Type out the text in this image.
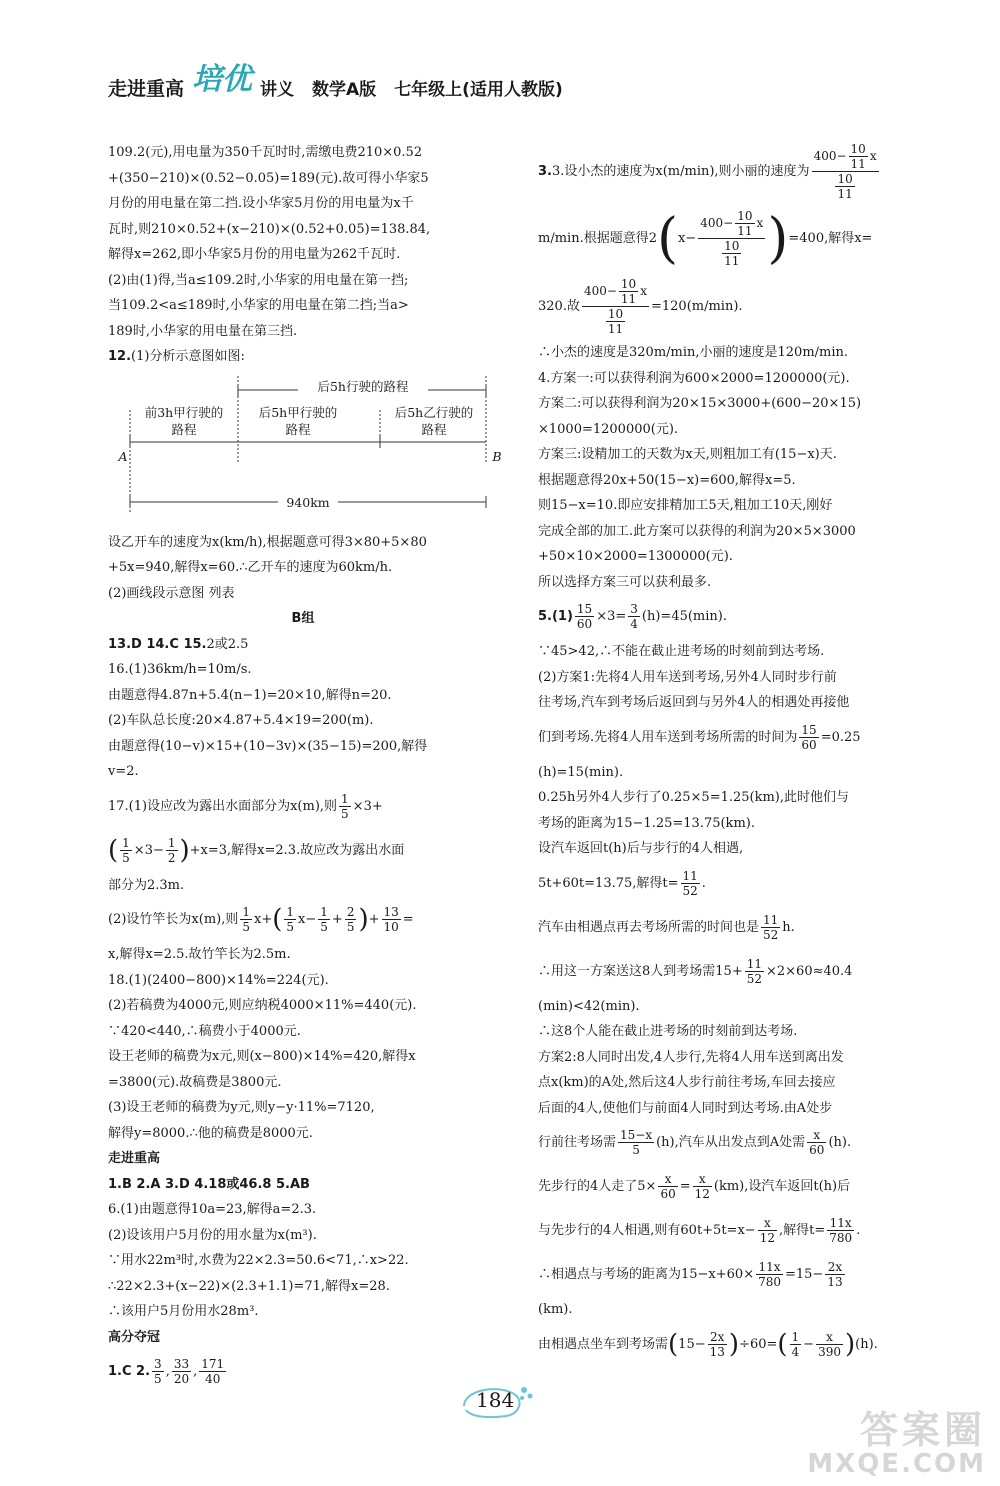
走进重高 培优 讲义 数学A版 七年级上(适用人教版)
109.2(元),用电量为350千瓦时时,需缴电费210×0.52
+(350−210)×(0.52−0.05)=189(元).故可得小华家5
月份的用电量在第二挡.设小华家5月份的用电量为x千
瓦时,则210×0.52+(x−210)×(0.52+0.05)=138.84,
解得x=262,即小华家5月份的用电量为262千瓦时.
(2)由(1)得,当a≤109.2时,小华家的用电量在第一挡;
当109.2<a≤189时,小华家的用电量在第二挡;当a>
189时,小华家的用电量在第三挡.
12.(1)分析示意图如图:
后5h行驶的路程
前3h甲行驶的路程
后5h甲行驶的路程
后5h乙行驶的路程
A	B
940km
设乙开车的速度为x(km/h),根据题意可得3×80+5×80
+5x=940,解得x=60.∴乙开车的速度为60km/h.
(2)画线段示意图 列表
B组
13.D 14.C 15.2或2.5
16.(1)36km/h=10m/s.
由题意得4.87n+5.4(n−1)=20×10,解得n=20.
(2)车队总长度:20×4.87+5.4×19=200(m).
由题意得(10−v)×15+(10−3v)×(35−15)=200,解得
v=2.
17.(1)设应改为露出水面部分为x(m),则 $\frac{1}{5} \times 3+$
( $\frac{1}{5} \times 3- \frac{1}{2} )+x=3$,解得x=2.3.故应改为露出水面
部分为2.3m.
(2)设竹竿长为x(m),则 $\frac{1}{5} x+( \frac{1}{5} x- \frac{1}{5} + \frac{2}{5}$ )+ $\frac{13}{10}$ =
x,解得x=2.5.故竹竿长为2.5m.
18.(1)(2400−800)×14%=224(元).
(2)若稿费为4000元,则应纳税4000×11%=440(元).
∵420<440,∴稿费小于4000元.
设王老师的稿费为x元,则(x−800)×14%=420,解得x
=3800(元).故稿费是3800元.
(3)设王老师的稿费为y元,则y−y·11%=7120,
解得y=8000.∴他的稿费是8000元.
走进重高
1.B 2.A 3.D 4.18或46.8 5.AB
6.(1)由题意得10a=23,解得a=2.3.
(2)设该用户5月份的用水量为x(m³).
∵用水22m³时,水费为22×2.3=50.6<71,∴x>22.
∴22×2.3+(x−22)×(2.3+1.1)=71,解得x=28.
∴该用户5月份用水28m³.
高分夺冠
1.C 2. $\frac{3}{5}$ , $\frac{33}{20}$ , $\frac{171}{40}$
3.3.设小杰的速度为x(m/min),则小丽的速度为 $\frac{400- \frac{10}{11} x}{\frac{10}{11}}$
m/min.根据题意得$2(x- \frac{400- \frac{10}{11} x}{\frac{10}{11}} )=400$,解得x=
320.故 $\frac{400- \frac{10}{11} x}{\frac{10}{11}} =120(m/\min)$.
∴小杰的速度是320m/min,小丽的速度是120m/min.
4.方案一:可以获得利润为600×2000=1200000(元).
方案二:可以获得利润为20×15×3000+(600−20×15)
×1000=1200000(元).
方案三:设精加工的天数为x天,则粗加工有(15−x)天.
根据题意得20x+50(15−x)=600,解得x=5.
则15−x=10.即应安排精加工5天,粗加工10天,刚好
完成全部的加工.此方案可以获得的利润为20×5×3000
+50×10×2000=1300000(元).
所以选择方案三可以获利最多.
$5.(1) \frac{15}{60} \times 3= \frac{3}{4} (h)=45(\min)$.
∵45>42,∴不能在截止进考场的时刻前到达考场.
(2)方案1:先将4人用车送到考场,另外4人同时步行前
往考场,汽车到考场后返回到与另外4人的相遇处再接他
们到考场.先将4人用车送到考场所需的时间为 $\frac{15}{60} =0.25$
(h)=15(min).
0.25h另外4人步行了0.25×5=1.25(km),此时他们与
考场的距离为15−1.25=13.75(km).
设汽车返回t(h)后与步行的4人相遇,
5t+60t=13.75,解得$t= \frac{11}{52}$ .
汽车由相遇点再去考场所需的时间也是 $\frac{11}{52} h$.
∴用这一方案送这8人到考场需$15+ \frac{11}{52} \times 2\times 60\approx 40.4$
(min)<42(min).
∴这8个人能在截止进考场的时刻前到达考场.
方案2:8人同时出发,4人步行,先将4人用车送到离出发
点x(km)的A处,然后这4人步行前往考场,车回去接应
后面的4人,使他们与前面4人同时到达考场.由A处步
行前往考场需 $\frac{15-x}{5} (h)$,汽车从出发点到A处需 $\frac{x}{60} (h)$.
先步行的4人走了$5\times \frac{x}{60} = \frac{x}{12} (km)$,设汽车返回t(h)后
与先步行的4人相遇,则有$60t+5t=x- \frac{x}{12}$ ,解得$t= \frac{11x}{780}$ .
∴相遇点与考场的距离为$15-x+60\times \frac{11x}{780} =15- \frac{2x}{13}$
(km).
由相遇点坐车到考场需$(15- \frac{2x}{13} )\div 60=( \frac{1}{4} - \frac{x}{390} )(h)$.
184
答案圈
MXQE.COM
